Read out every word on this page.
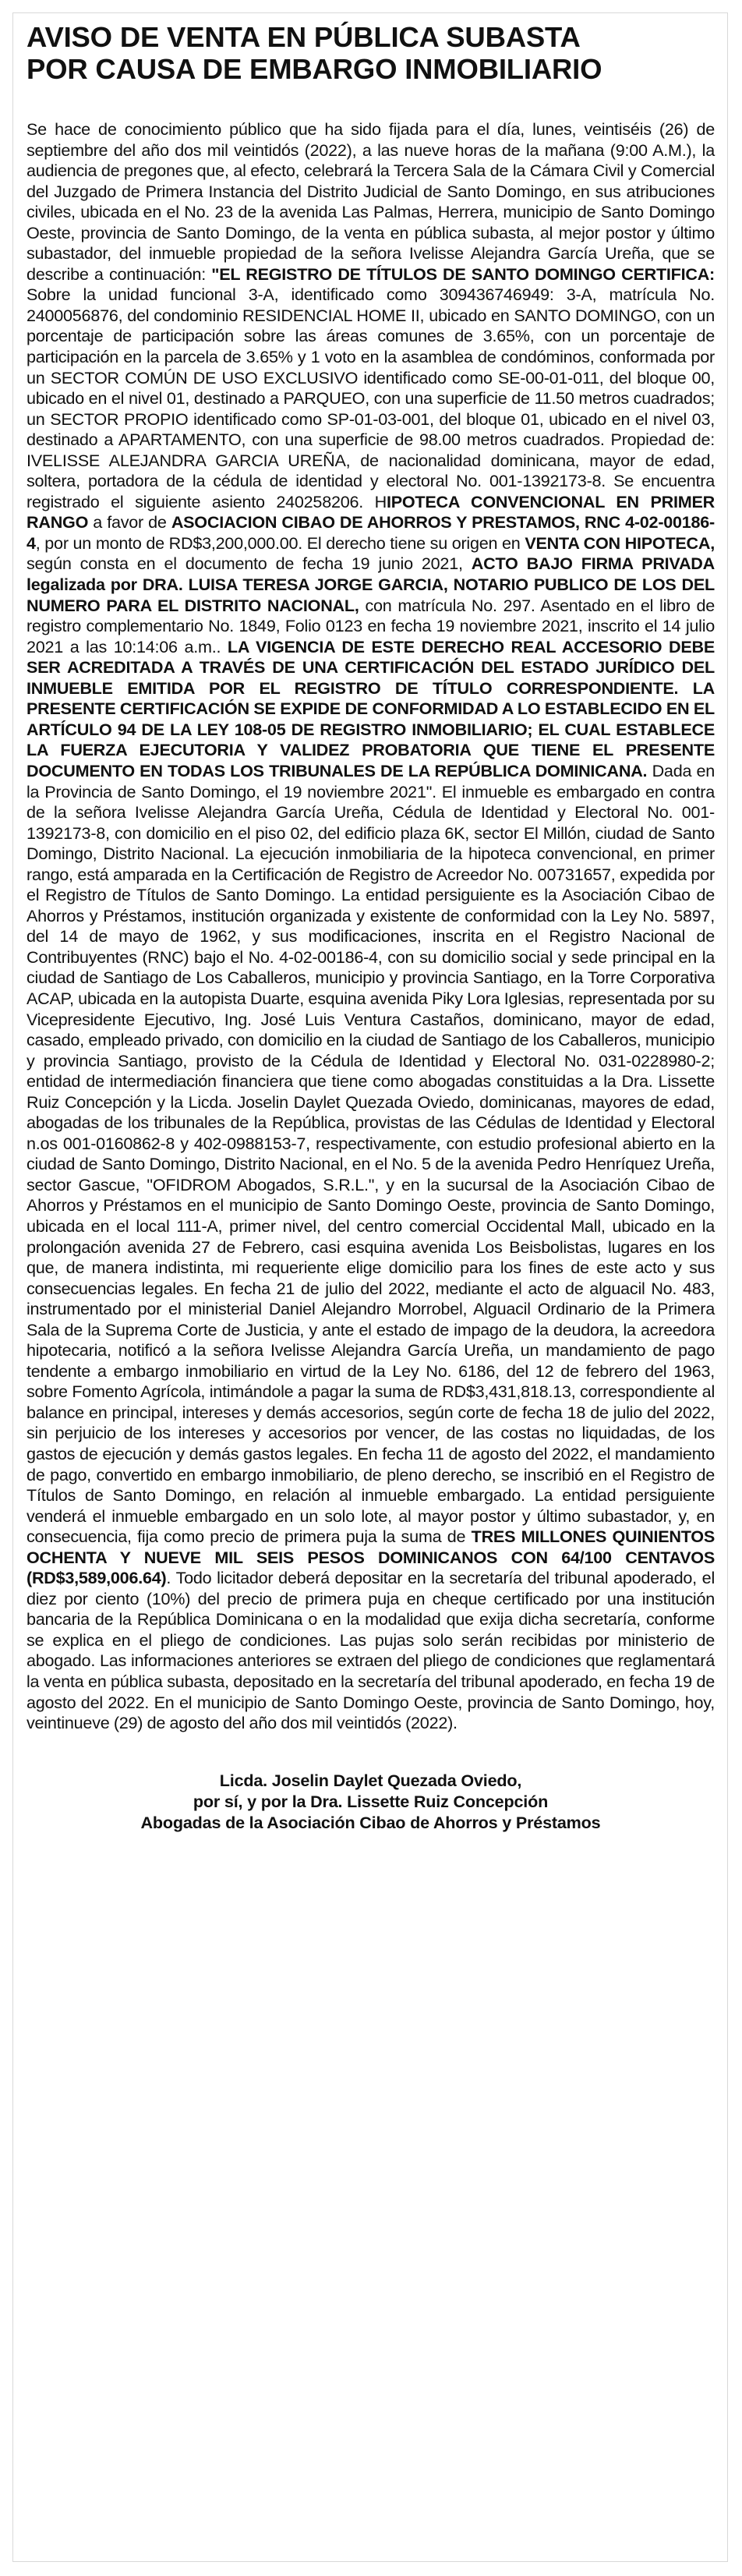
AVISO DE VENTA EN PÚBLICA SUBASTA
POR CAUSA DE EMBARGO INMOBILIARIO

Se hace de conocimiento público que ha sido fijada para el día, lunes, veintiséis (26) de septiembre del año dos mil veintidós (2022), a las nueve horas de la mañana (9:00 A.M.), la audiencia de pregones que, al efecto, celebrará la Tercera Sala de la Cámara Civil y Comercial del Juzgado de Primera Instancia del Distrito Judicial de Santo Domingo, en sus atribuciones civiles, ubicada en el No. 23 de la avenida Las Palmas, Herrera, municipio de Santo Domingo Oeste, provincia de Santo Domingo, de la venta en pública subasta, al mejor postor y último subastador, del inmueble propiedad de la señora Ivelisse Alejandra García Ureña, que se describe a continuación: "EL REGISTRO DE TÍTULOS DE SANTO DOMINGO CERTIFICA: Sobre la unidad funcional 3-A, identificado como 309436746949: 3-A, matrícula No. 2400056876, del condominio RESIDENCIAL HOME II, ubicado en SANTO DOMINGO, con un porcentaje de participación sobre las áreas comunes de 3.65%, con un porcentaje de participación en la parcela de 3.65% y 1 voto en la asamblea de condóminos, conformada por un SECTOR COMÚN DE USO EXCLUSIVO identificado como SE-00-01-011, del bloque 00, ubicado en el nivel 01, destinado a PARQUEO, con una superficie de 11.50 metros cuadrados; un SECTOR PROPIO identificado como SP-01-03-001, del bloque 01, ubicado en el nivel 03, destinado a APARTAMENTO, con una superficie de 98.00 metros cuadrados. Propiedad de: IVELISSE ALEJANDRA GARCIA UREÑA, de nacionalidad dominicana, mayor de edad, soltera, portadora de la cédula de identidad y electoral No. 001-1392173-8. Se encuentra registrado el siguiente asiento 240258206. HIPOTECA CONVENCIONAL EN PRIMER RANGO a favor de ASOCIACION CIBAO DE AHORROS Y PRESTAMOS, RNC 4-02-00186-4, por un monto de RD$3,200,000.00. El derecho tiene su origen en VENTA CON HIPOTECA, según consta en el documento de fecha 19 junio 2021, ACTO BAJO FIRMA PRIVADA legalizada por DRA. LUISA TERESA JORGE GARCIA, NOTARIO PUBLICO DE LOS DEL NUMERO PARA EL DISTRITO NACIONAL, con matrícula No. 297. Asentado en el libro de registro complementario No. 1849, Folio 0123 en fecha 19 noviembre 2021, inscrito el 14 julio 2021 a las 10:14:06 a.m.. LA VIGENCIA DE ESTE DERECHO REAL ACCESORIO DEBE SER ACREDITADA A TRAVÉS DE UNA CERTIFICACIÓN DEL ESTADO JURÍDICO DEL INMUEBLE EMITIDA POR EL REGISTRO DE TÍTULO CORRESPONDIENTE. LA PRESENTE CERTIFICACIÓN SE EXPIDE DE CONFORMIDAD A LO ESTABLECIDO EN EL ARTÍCULO 94 DE LA LEY 108-05 DE REGISTRO INMOBILIARIO; EL CUAL ESTABLECE LA FUERZA EJECUTORIA Y VALIDEZ PROBATORIA QUE TIENE EL PRESENTE DOCUMENTO EN TODAS LOS TRIBUNALES DE LA REPÚBLICA DOMINICANA. Dada en la Provincia de Santo Domingo, el 19 noviembre 2021". El inmueble es embargado en contra de la señora Ivelisse Alejandra García Ureña, Cédula de Identidad y Electoral No. 001-1392173-8, con domicilio en el piso 02, del edificio plaza 6K, sector El Millón, ciudad de Santo Domingo, Distrito Nacional. La ejecución inmobiliaria de la hipoteca convencional, en primer rango, está amparada en la Certificación de Registro de Acreedor No. 00731657, expedida por el Registro de Títulos de Santo Domingo. La entidad persiguiente es la Asociación Cibao de Ahorros y Préstamos, institución organizada y existente de conformidad con la Ley No. 5897, del 14 de mayo de 1962, y sus modificaciones, inscrita en el Registro Nacional de Contribuyentes (RNC) bajo el No. 4-02-00186-4, con su domicilio social y sede principal en la ciudad de Santiago de Los Caballeros, municipio y provincia Santiago, en la Torre Corporativa ACAP, ubicada en la autopista Duarte, esquina avenida Piky Lora Iglesias, representada por su Vicepresidente Ejecutivo, Ing. José Luis Ventura Castaños, dominicano, mayor de edad, casado, empleado privado, con domicilio en la ciudad de Santiago de los Caballeros, municipio y provincia Santiago, provisto de la Cédula de Identidad y Electoral No. 031-0228980-2; entidad de intermediación financiera que tiene como abogadas constituidas a la Dra. Lissette Ruiz Concepción y la Licda. Joselin Daylet Quezada Oviedo, dominicanas, mayores de edad, abogadas de los tribunales de la República, provistas de las Cédulas de Identidad y Electoral n.os 001-0160862-8 y 402-0988153-7, respectivamente, con estudio profesional abierto en la ciudad de Santo Domingo, Distrito Nacional, en el No. 5 de la avenida Pedro Henríquez Ureña, sector Gascue, "OFIDROM Abogados, S.R.L.", y en la sucursal de la Asociación Cibao de Ahorros y Préstamos en el municipio de Santo Domingo Oeste, provincia de Santo Domingo, ubicada en el local 111-A, primer nivel, del centro comercial Occidental Mall, ubicado en la prolongación avenida 27 de Febrero, casi esquina avenida Los Beisbolistas, lugares en los que, de manera indistinta, mi requeriente elige domicilio para los fines de este acto y sus consecuencias legales. En fecha 21 de julio del 2022, mediante el acto de alguacil No. 483, instrumentado por el ministerial Daniel Alejandro Morrobel, Alguacil Ordinario de la Primera Sala de la Suprema Corte de Justicia, y ante el estado de impago de la deudora, la acreedora hipotecaria, notificó a la señora Ivelisse Alejandra García Ureña, un mandamiento de pago tendente a embargo inmobiliario en virtud de la Ley No. 6186, del 12 de febrero del 1963, sobre Fomento Agrícola, intimándole a pagar la suma de RD$3,431,818.13, correspondiente al balance en principal, intereses y demás accesorios, según corte de fecha 18 de julio del 2022, sin perjuicio de los intereses y accesorios por vencer, de las costas no liquidadas, de los gastos de ejecución y demás gastos legales. En fecha 11 de agosto del 2022, el mandamiento de pago, convertido en embargo inmobiliario, de pleno derecho, se inscribió en el Registro de Títulos de Santo Domingo, en relación al inmueble embargado. La entidad persiguiente venderá el inmueble embargado en un solo lote, al mayor postor y último subastador, y, en consecuencia, fija como precio de primera puja la suma de TRES MILLONES QUINIENTOS OCHENTA Y NUEVE MIL SEIS PESOS DOMINICANOS CON 64/100 CENTAVOS (RD$3,589,006.64). Todo licitador deberá depositar en la secretaría del tribunal apoderado, el diez por ciento (10%) del precio de primera puja en cheque certificado por una institución bancaria de la República Dominicana o en la modalidad que exija dicha secretaría, conforme se explica en el pliego de condiciones. Las pujas solo serán recibidas por ministerio de abogado. Las informaciones anteriores se extraen del pliego de condiciones que reglamentará la venta en pública subasta, depositado en la secretaría del tribunal apoderado, en fecha 19 de agosto del 2022. En el municipio de Santo Domingo Oeste, provincia de Santo Domingo, hoy, veintinueve (29) de agosto del año dos mil veintidós (2022).

Licda. Joselin Daylet Quezada Oviedo,
por sí, y por la Dra. Lissette Ruiz Concepción
Abogadas de la Asociación Cibao de Ahorros y Préstamos
